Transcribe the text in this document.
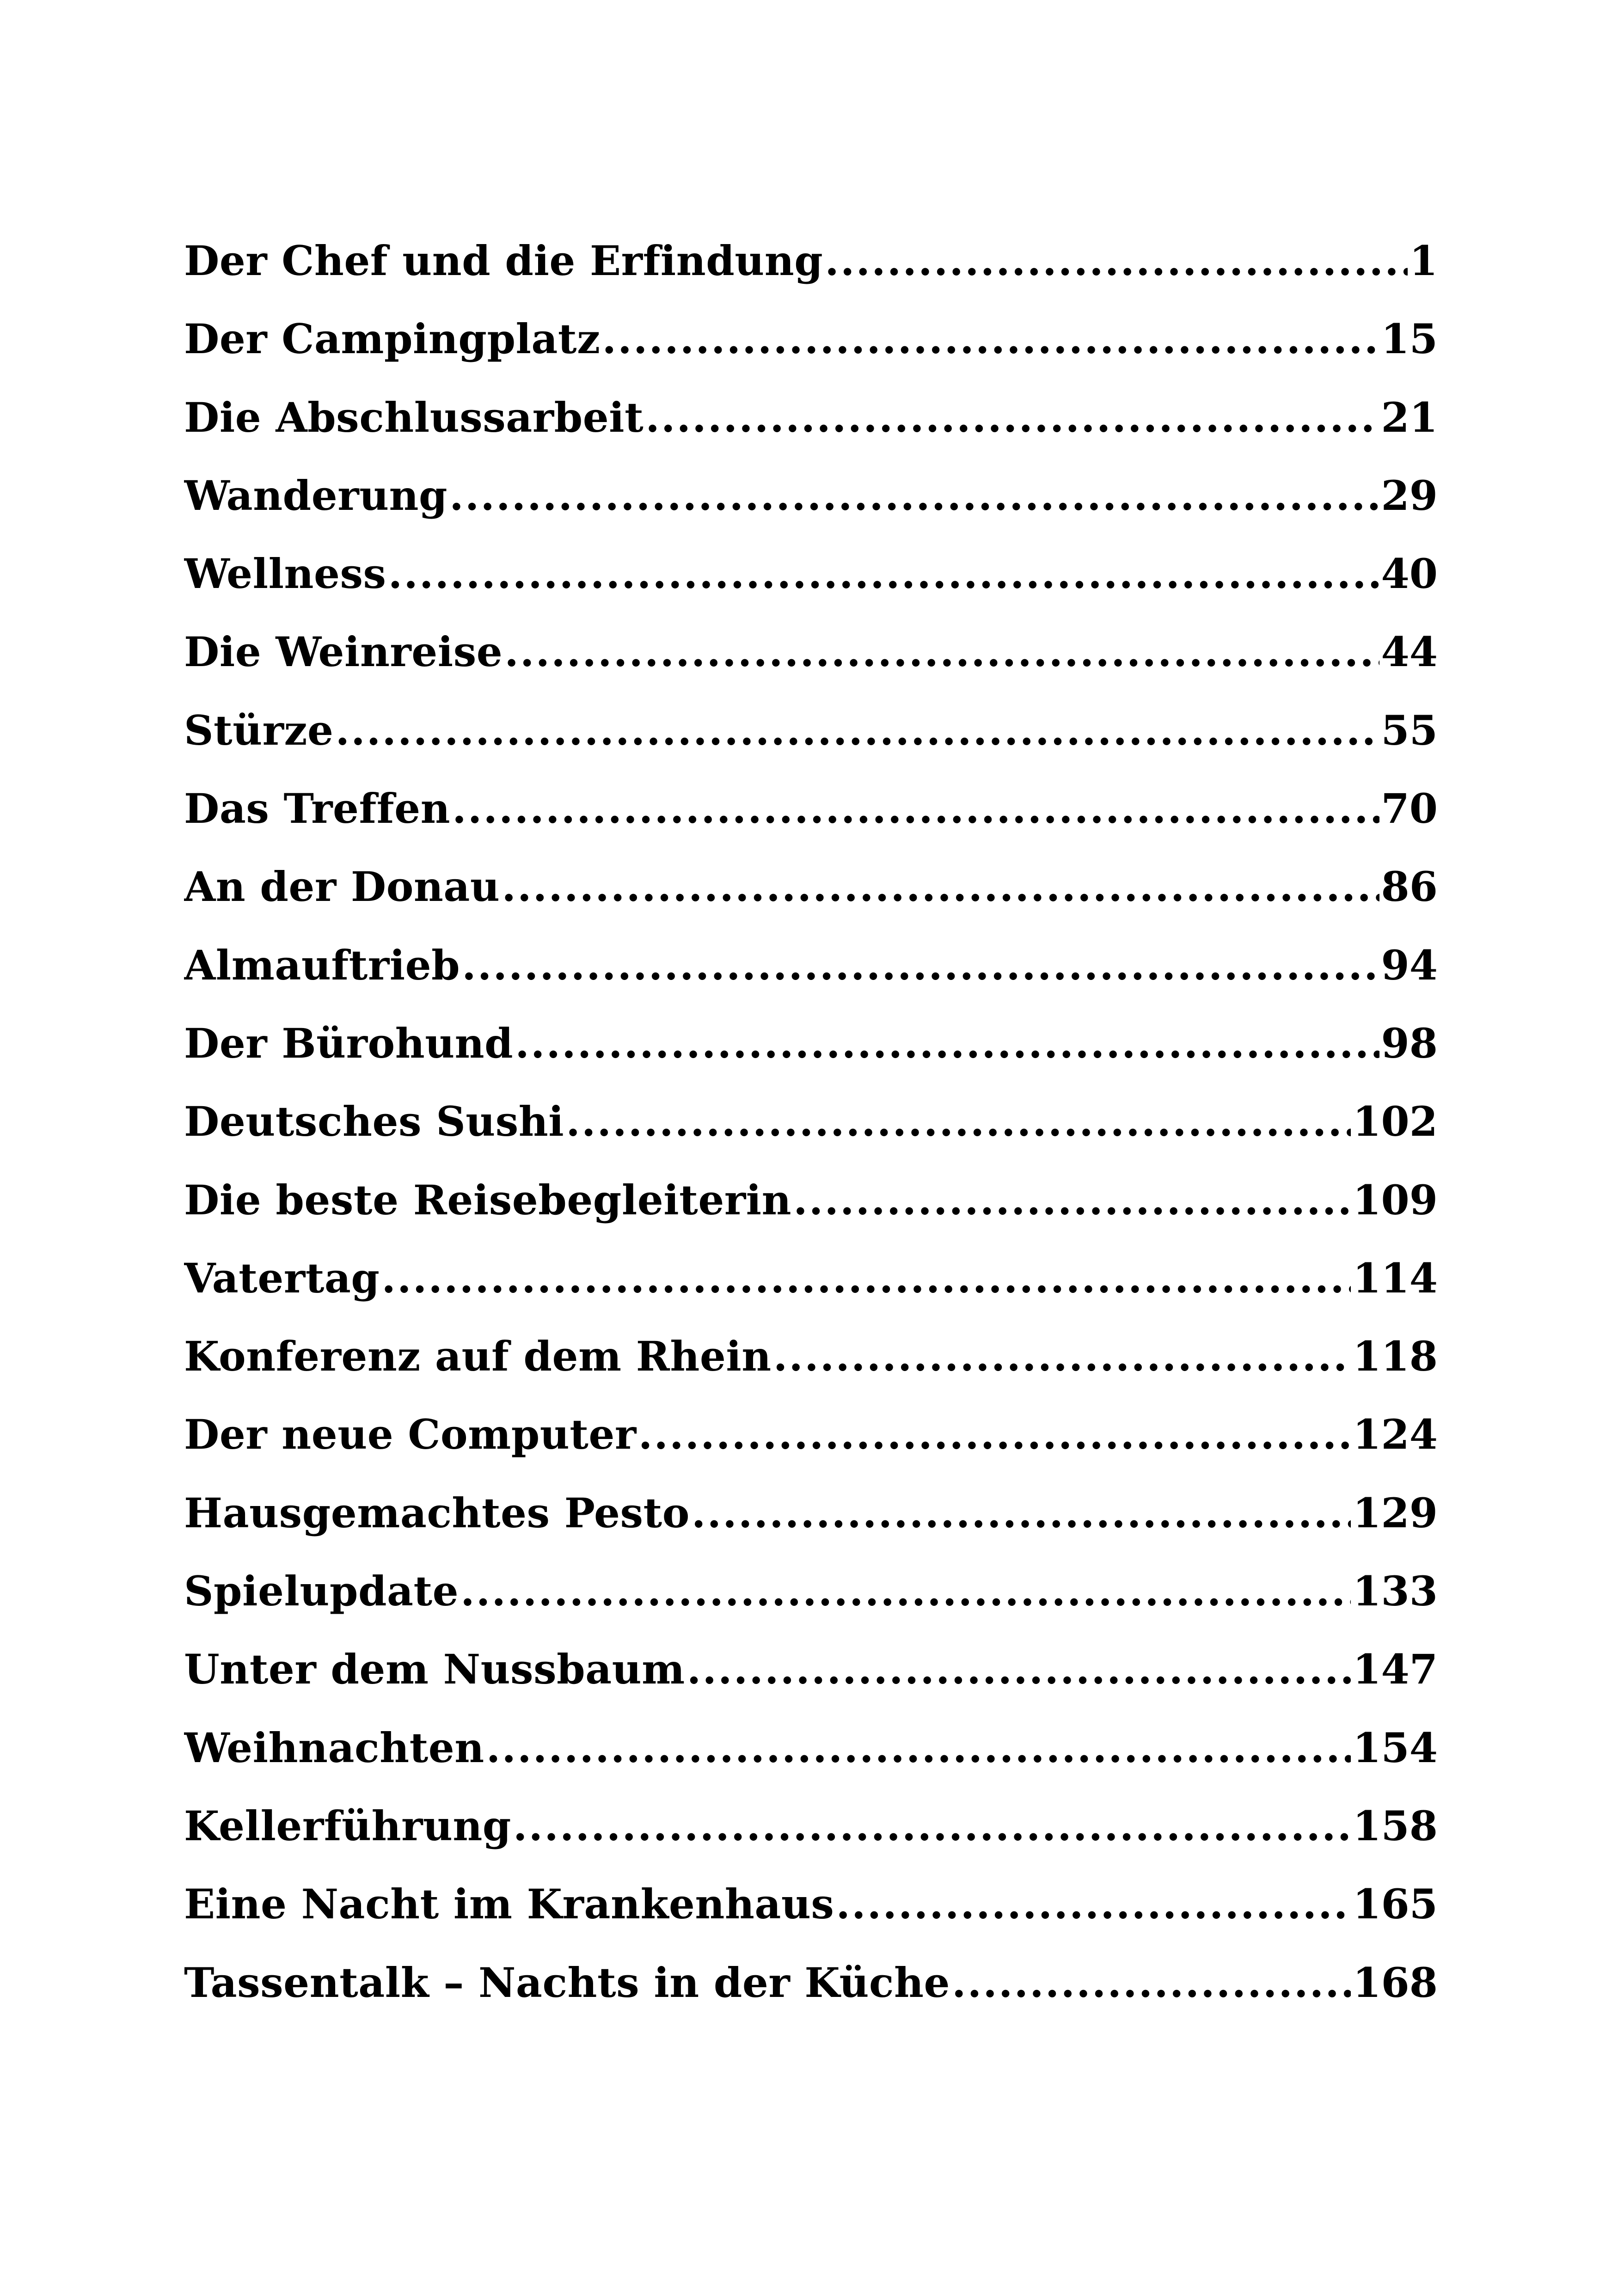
Der Chef und die Erfindung .....	1
Der Campingplatz .....	15
Die Abschlussarbeit .....	21
Wanderung .....	29
Wellness .....	40
Die Weinreise .....	44
Stürze .....	55
Das Treffen .....	70
An der Donau .....	86
Almauftrieb .....	94
Der Bürohund .....	98
Deutsches Sushi .....	102
Die beste Reisebegleiterin .....	109
Vatertag .....	114
Konferenz auf dem Rhein .....	118
Der neue Computer .....	124
Hausgemachtes Pesto .....	129
Spielupdate .....	133
Unter dem Nussbaum .....	147
Weihnachten .....	154
Kellerführung .....	158
Eine Nacht im Krankenhaus .....	165
Tassentalk – Nachts in der Küche .....	168
